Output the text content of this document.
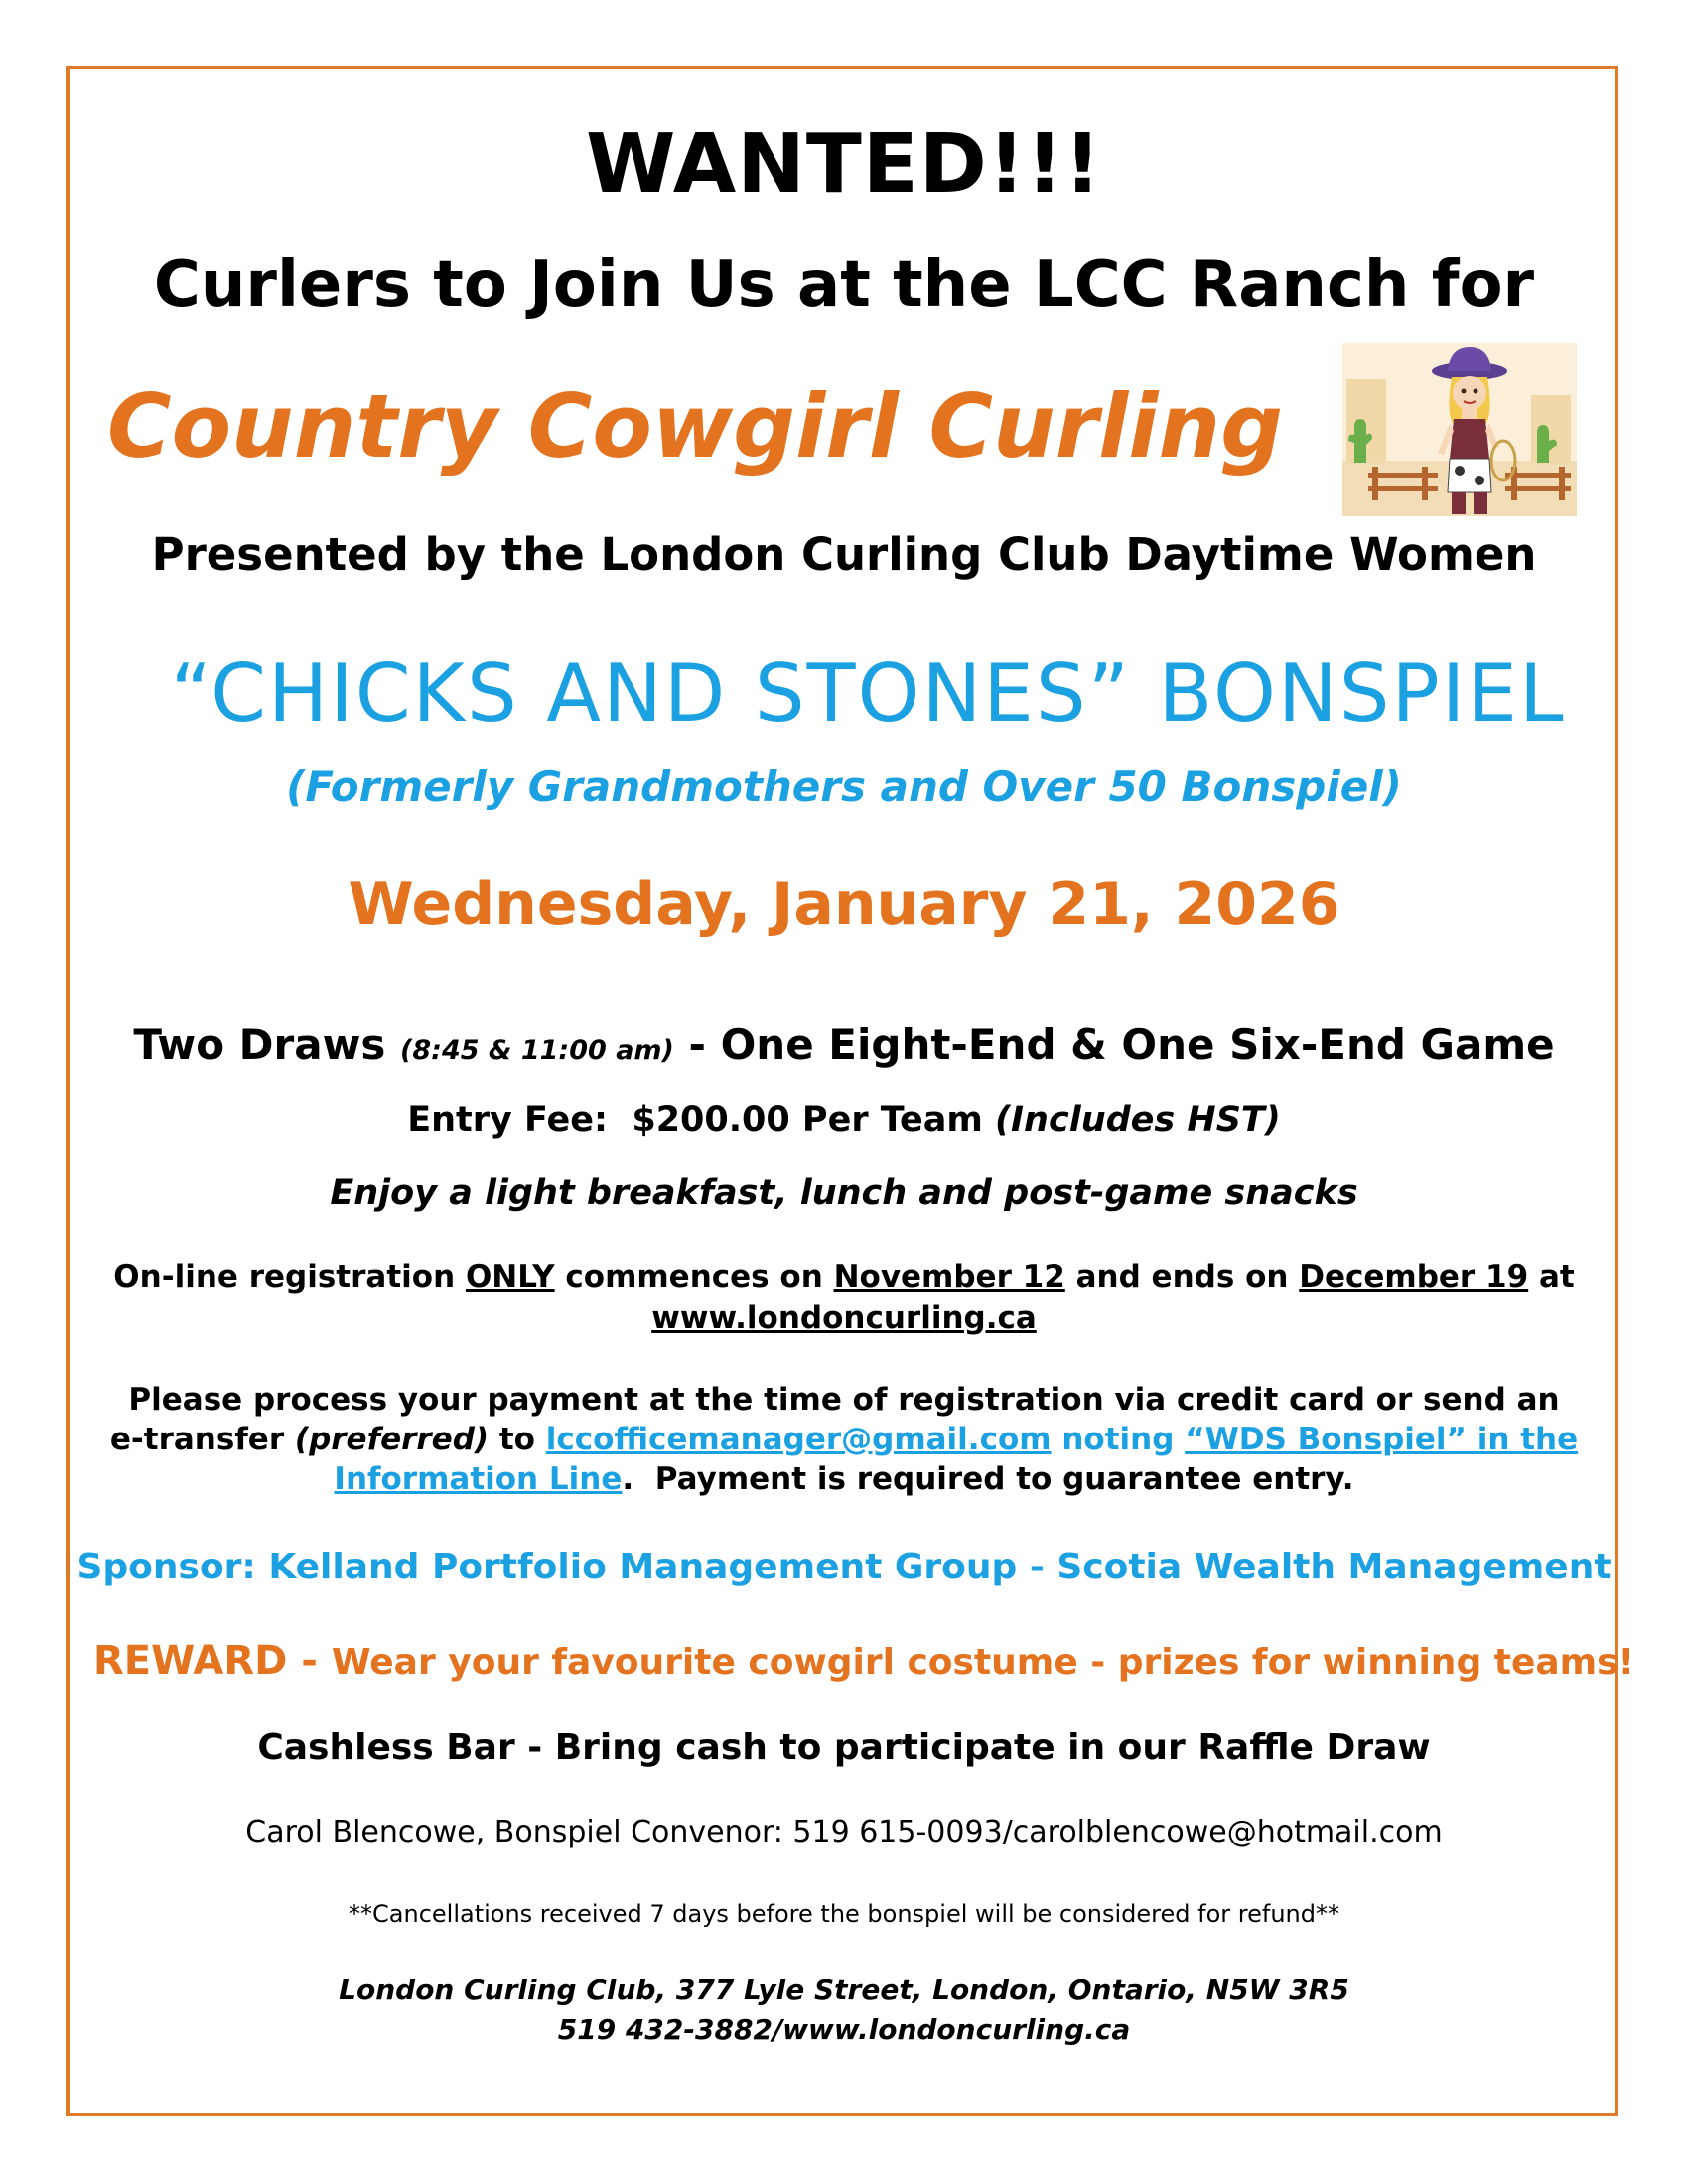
WANTED!!!
Curlers to Join Us at the LCC Ranch for
Country Cowgirl Curling
Presented by the London Curling Club Daytime Women
“CHICKS AND STONES” BONSPIEL
(Formerly Grandmothers and Over 50 Bonspiel)
Wednesday, January 21, 2026
Two Draws (8:45 & 11:00 am) - One Eight-End & One Six-End Game
Entry Fee:  $200.00 Per Team (Includes HST)
Enjoy a light breakfast, lunch and post-game snacks
On-line registration ONLY commences on November 12 and ends on December 19 at
www.londoncurling.ca
Please process your payment at the time of registration via credit card or send an
e-transfer (preferred) to lccofficemanager@gmail.com noting “WDS Bonspiel” in the
Information Line.  Payment is required to guarantee entry.
Sponsor: Kelland Portfolio Management Group - Scotia Wealth Management
REWARD - Wear your favourite cowgirl costume - prizes for winning teams!
Cashless Bar - Bring cash to participate in our Raffle Draw
Carol Blencowe, Bonspiel Convenor: 519 615-0093/carolblencowe@hotmail.com
**Cancellations received 7 days before the bonspiel will be considered for refund**
London Curling Club, 377 Lyle Street, London, Ontario, N5W 3R5
519 432-3882/www.londoncurling.ca
